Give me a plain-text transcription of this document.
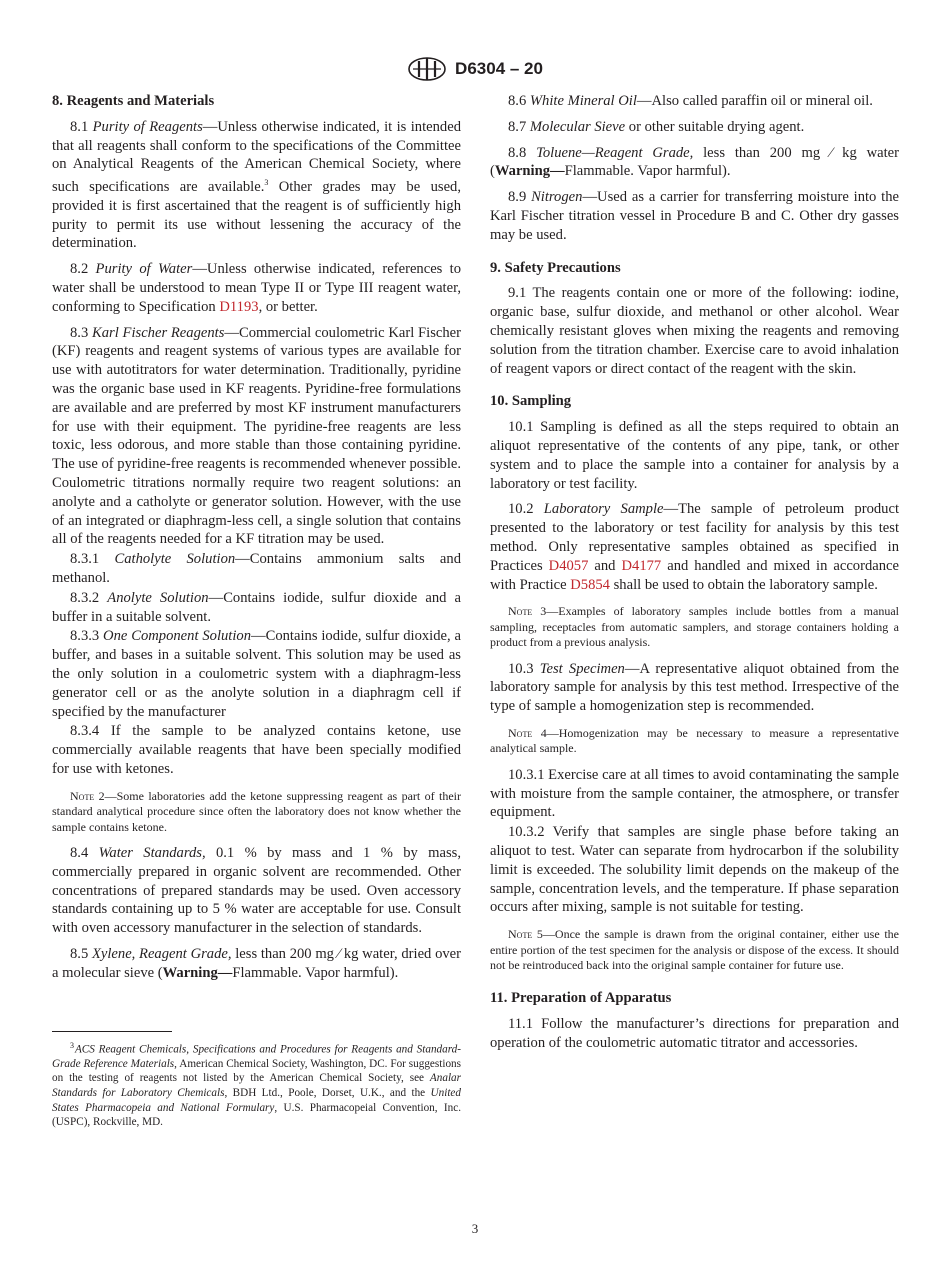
D6304 – 20
8. Reagents and Materials

8.1 Purity of Reagents—Unless otherwise indicated, it is intended that all reagents shall conform to the specifications of the Committee on Analytical Reagents of the American Chemical Society, where such specifications are available.$^3$ Other grades may be used, provided it is first ascertained that the reagent is of sufficiently high purity to permit its use without lessening the accuracy of the determination.

8.2 Purity of Water—Unless otherwise indicated, references to water shall be understood to mean Type II or Type III reagent water, conforming to Specification D1193, or better.

8.3 Karl Fischer Reagents—Commercial coulometric Karl Fischer (KF) reagents and reagent systems of various types are available for use with autotitrators for water determination. Traditionally, pyridine was the organic base used in KF reagents. Pyridine-free formulations are available and are preferred by most KF instrument manufacturers for use with their equipment. The pyridine-free reagents are less toxic, less odorous, and more stable than those containing pyridine. The use of pyridine-free reagents is recommended whenever possible. Coulometric titrations normally require two reagent solutions: an anolyte and a catholyte or generator solution. However, with the use of an integrated or diaphragm-less cell, a single solution that contains all of the reagents needed for a KF titration may be used.

8.3.1 Catholyte Solution—Contains ammonium salts and methanol.

8.3.2 Anolyte Solution—Contains iodide, sulfur dioxide and a buffer in a suitable solvent.

8.3.3 One Component Solution—Contains iodide, sulfur dioxide, a buffer, and bases in a suitable solvent. This solution may be used as the only solution in a coulometric system with a diaphragm-less generator cell or as the anolyte solution in a diaphragm cell if specified by the manufacturer

8.3.4 If the sample to be analyzed contains ketone, use commercially available reagents that have been specially modified for use with ketones.

Note 2—Some laboratories add the ketone suppressing reagent as part of their standard analytical procedure since often the laboratory does not know whether the sample contains ketone.

8.4 Water Standards, 0.1 % by mass and 1 % by mass, commercially prepared in organic solvent are recommended. Other concentrations of prepared standards may be used. Oven accessory standards containing up to 5 % water are acceptable for use. Consult with oven accessory manufacturer in the selection of standards.

8.5 Xylene, Reagent Grade, less than 200 mg ⁄ kg water, dried over a molecular sieve (Warning—Flammable. Vapor harmful).

$^3$ ACS Reagent Chemicals, Specifications and Procedures for Reagents and Standard-Grade Reference Materials, American Chemical Society, Washington, DC. For suggestions on the testing of reagents not listed by the American Chemical Society, see Analar Standards for Laboratory Chemicals, BDH Ltd., Poole, Dorset, U.K., and the United States Pharmacopeia and National Formulary, U.S. Pharmacopeial Convention, Inc. (USPC), Rockville, MD.

8.6 White Mineral Oil—Also called paraffin oil or mineral oil.

8.7 Molecular Sieve or other suitable drying agent.

8.8 Toluene—Reagent Grade, less than 200 mg ⁄ kg water (Warning—Flammable. Vapor harmful).

8.9 Nitrogen—Used as a carrier for transferring moisture into the Karl Fischer titration vessel in Procedure B and C. Other dry gasses may be used.

9. Safety Precautions

9.1 The reagents contain one or more of the following: iodine, organic base, sulfur dioxide, and methanol or other alcohol. Wear chemically resistant gloves when mixing the reagents and removing solution from the titration chamber. Exercise care to avoid inhalation of reagent vapors or direct contact of the reagent with the skin.

10. Sampling

10.1 Sampling is defined as all the steps required to obtain an aliquot representative of the contents of any pipe, tank, or other system and to place the sample into a container for analysis by a laboratory or test facility.

10.2 Laboratory Sample—The sample of petroleum product presented to the laboratory or test facility for analysis by this test method. Only representative samples obtained as specified in Practices D4057 and D4177 and handled and mixed in accordance with Practice D5854 shall be used to obtain the laboratory sample.

Note 3—Examples of laboratory samples include bottles from a manual sampling, receptacles from automatic samplers, and storage containers holding a product from a previous analysis.

10.3 Test Specimen—A representative aliquot obtained from the laboratory sample for analysis by this test method. Irrespective of the type of sample a homogenization step is recommended.

Note 4—Homogenization may be necessary to measure a representative analytical sample.

10.3.1 Exercise care at all times to avoid contaminating the sample with moisture from the sample container, the atmosphere, or transfer equipment.

10.3.2 Verify that samples are single phase before taking an aliquot to test. Water can separate from hydrocarbon if the solubility limit is exceeded. The solubility limit depends on the makeup of the sample, concentration levels, and the temperature. If phase separation occurs after mixing, sample is not suitable for testing.

Note 5—Once the sample is drawn from the original container, either use the entire portion of the test specimen for the analysis or dispose of the excess. It should not be reintroduced back into the original sample container for future use.
11. Preparation of Apparatus

11.1 Follow the manufacturer’s directions for preparation and operation of the coulometric automatic titrator and accessories.

3
